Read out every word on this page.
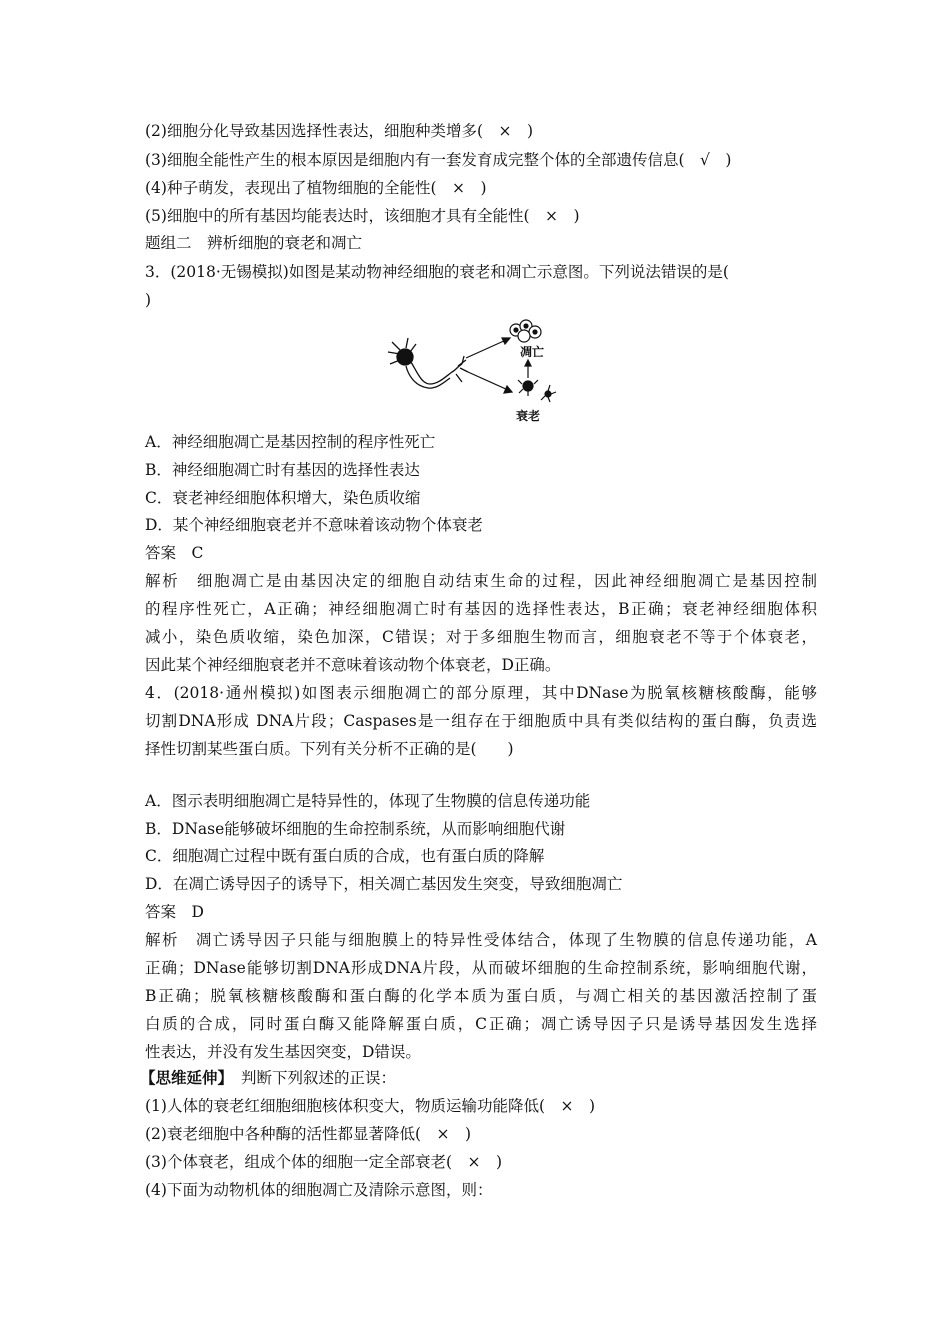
(2)细胞分化导致基因选择性表达，细胞种类增多(　×　)
(3)细胞全能性产生的根本原因是细胞内有一套发育成完整个体的全部遗传信息(　√　)
(4)种子萌发，表现出了植物细胞的全能性(　×　)
(5)细胞中的所有基因均能表达时，该细胞才具有全能性(　×　)
题组二　辨析细胞的衰老和凋亡
3．(2018·无锡模拟)如图是某动物神经细胞的衰老和凋亡示意图。下列说法错误的是(
)
凋亡
衰老
A．神经细胞凋亡是基因控制的程序性死亡
B．神经细胞凋亡时有基因的选择性表达
C．衰老神经细胞体积增大，染色质收缩
D．某个神经细胞衰老并不意味着该动物个体衰老
答案　C
解析　细胞凋亡是由基因决定的细胞自动结束生命的过程，因此神经细胞凋亡是基因控制
的程序性死亡，A正确；神经细胞凋亡时有基因的选择性表达，B正确；衰老神经细胞体积
减小，染色质收缩，染色加深，C错误；对于多细胞生物而言，细胞衰老不等于个体衰老，
因此某个神经细胞衰老并不意味着该动物个体衰老，D正确。
4．(2018·通州模拟)如图表示细胞凋亡的部分原理，其中DNase为脱氧核糖核酸酶，能够
切割DNA形成 DNA片段；Caspases是一组存在于细胞质中具有类似结构的蛋白酶，负责选
择性切割某些蛋白质。下列有关分析不正确的是(　　)
A．图示表明细胞凋亡是特异性的，体现了生物膜的信息传递功能
B．DNase能够破坏细胞的生命控制系统，从而影响细胞代谢
C．细胞凋亡过程中既有蛋白质的合成，也有蛋白质的降解
D．在凋亡诱导因子的诱导下，相关凋亡基因发生突变，导致细胞凋亡
答案　D
解析　凋亡诱导因子只能与细胞膜上的特异性受体结合，体现了生物膜的信息传递功能，A
正确；DNase能够切割DNA形成DNA片段，从而破坏细胞的生命控制系统，影响细胞代谢，
B正确；脱氧核糖核酸酶和蛋白酶的化学本质为蛋白质，与凋亡相关的基因激活控制了蛋
白质的合成，同时蛋白酶又能降解蛋白质，C正确；凋亡诱导因子只是诱导基因发生选择
性表达，并没有发生基因突变，D错误。
【思维延伸】 判断下列叙述的正误：
(1)人体的衰老红细胞细胞核体积变大，物质运输功能降低(　×　)
(2)衰老细胞中各种酶的活性都显著降低(　×　)
(3)个体衰老，组成个体的细胞一定全部衰老(　×　)
(4)下面为动物机体的细胞凋亡及清除示意图，则：
